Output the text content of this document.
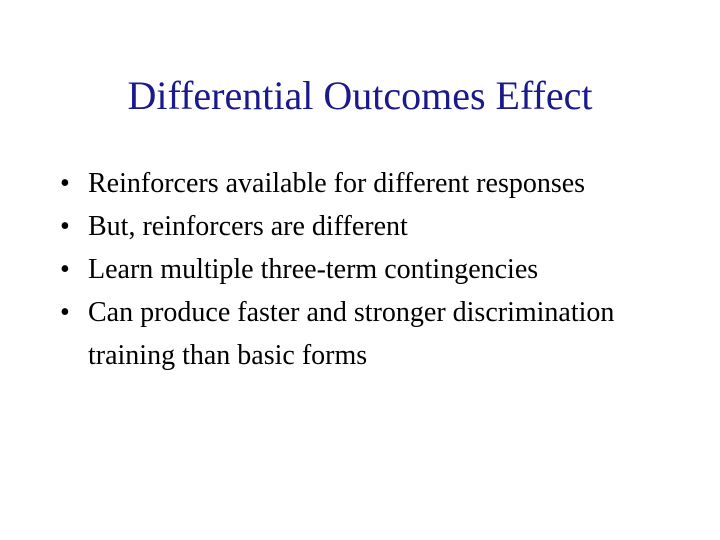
Differential Outcomes Effect
• Reinforcers available for different responses
• But, reinforcers are different
• Learn multiple three-term contingencies
• Can produce faster and stronger discrimination training than basic forms
